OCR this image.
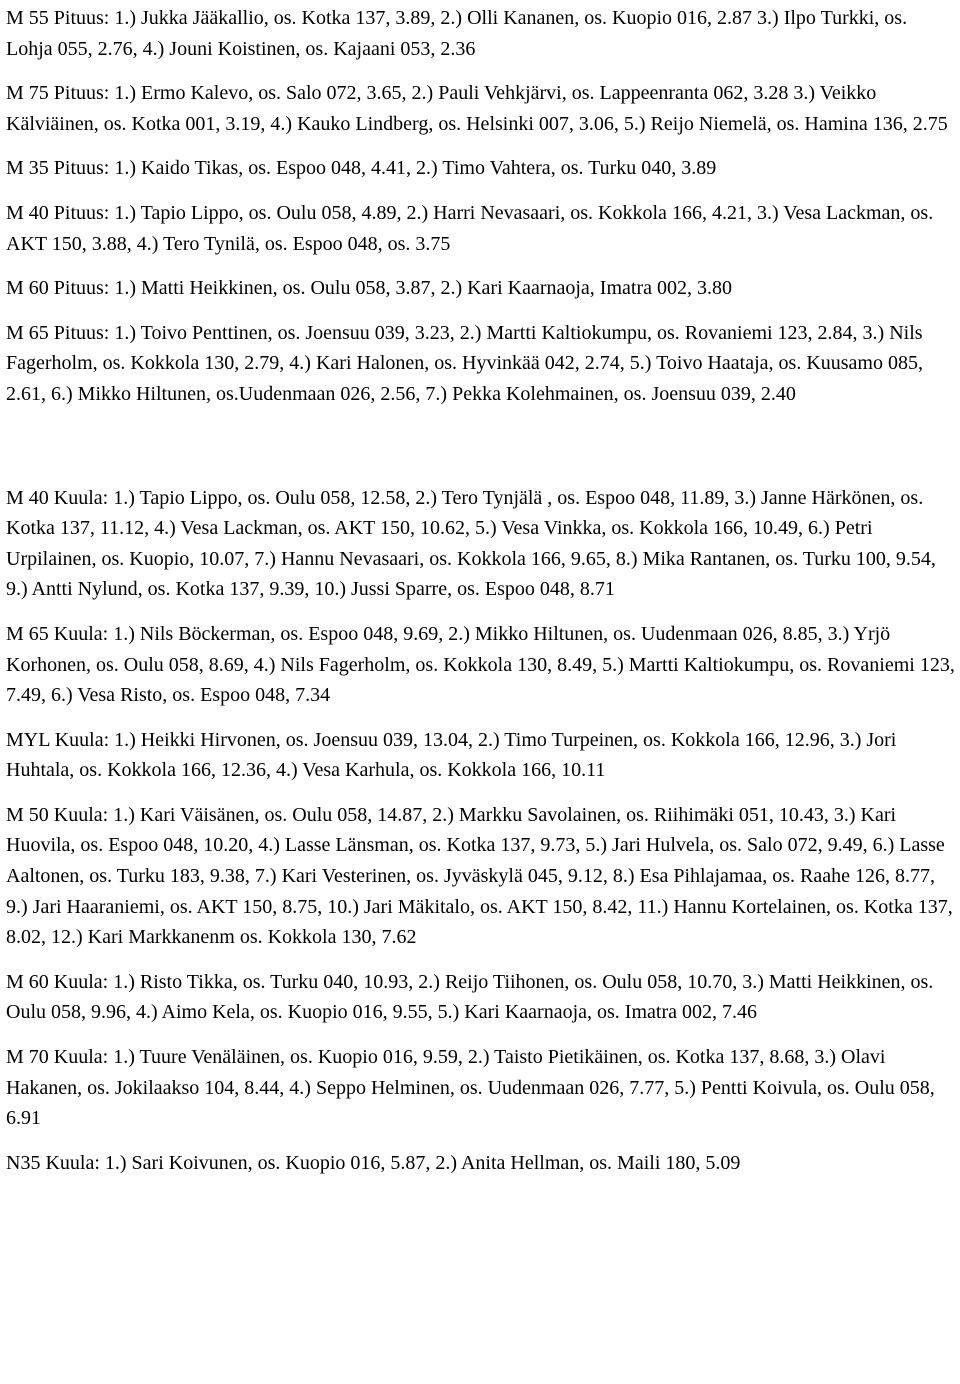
M 55 Pituus: 1.) Jukka Jääkallio, os. Kotka 137, 3.89, 2.) Olli Kananen, os. Kuopio 016, 2.87 3.) Ilpo Turkki, os. Lohja 055, 2.76, 4.) Jouni Koistinen, os. Kajaani 053, 2.36

M 75 Pituus: 1.) Ermo Kalevo, os. Salo 072, 3.65, 2.) Pauli Vehkjärvi, os. Lappeenranta 062, 3.28 3.) Veikko Kälviäinen, os. Kotka 001, 3.19, 4.) Kauko Lindberg, os. Helsinki 007, 3.06, 5.) Reijo Niemelä, os. Hamina 136, 2.75

M 35 Pituus: 1.) Kaido Tikas, os. Espoo 048, 4.41, 2.) Timo Vahtera, os. Turku 040, 3.89

M 40 Pituus: 1.) Tapio Lippo, os. Oulu 058, 4.89, 2.) Harri Nevasaari, os. Kokkola 166, 4.21, 3.) Vesa Lackman, os. AKT 150, 3.88, 4.) Tero Tynilä, os. Espoo 048, os. 3.75

M 60 Pituus: 1.) Matti Heikkinen, os. Oulu 058, 3.87, 2.) Kari Kaarnaoja, Imatra 002, 3.80

M 65 Pituus: 1.) Toivo Penttinen, os. Joensuu 039, 3.23, 2.) Martti Kaltiokumpu, os. Rovaniemi 123, 2.84, 3.) Nils Fagerholm, os. Kokkola 130, 2.79, 4.) Kari Halonen, os. Hyvinkää 042, 2.74, 5.) Toivo Haataja, os. Kuusamo 085, 2.61, 6.) Mikko Hiltunen, os.Uudenmaan 026, 2.56, 7.) Pekka Kolehmainen, os. Joensuu 039, 2.40

M 40 Kuula: 1.) Tapio Lippo, os. Oulu 058, 12.58, 2.) Tero Tynjälä , os. Espoo 048, 11.89, 3.) Janne Härkönen, os. Kotka 137, 11.12, 4.) Vesa Lackman, os. AKT 150, 10.62, 5.) Vesa Vinkka, os. Kokkola 166, 10.49, 6.) Petri Urpilainen, os. Kuopio, 10.07, 7.) Hannu Nevasaari, os. Kokkola 166, 9.65, 8.) Mika Rantanen, os. Turku 100, 9.54, 9.) Antti Nylund, os. Kotka 137, 9.39, 10.) Jussi Sparre, os. Espoo 048, 8.71

M 65 Kuula: 1.) Nils Böckerman, os. Espoo 048, 9.69, 2.) Mikko Hiltunen, os. Uudenmaan 026, 8.85, 3.) Yrjö Korhonen, os. Oulu 058, 8.69, 4.) Nils Fagerholm, os. Kokkola 130, 8.49, 5.) Martti Kaltiokumpu, os. Rovaniemi 123, 7.49, 6.) Vesa Risto, os. Espoo 048, 7.34

MYL Kuula: 1.) Heikki Hirvonen, os. Joensuu 039, 13.04, 2.) Timo Turpeinen, os. Kokkola 166, 12.96, 3.) Jori Huhtala, os. Kokkola 166, 12.36, 4.) Vesa Karhula, os. Kokkola 166, 10.11

M 50 Kuula: 1.) Kari Väisänen, os. Oulu 058, 14.87, 2.) Markku Savolainen, os. Riihimäki 051, 10.43, 3.) Kari Huovila, os. Espoo 048, 10.20, 4.) Lasse Länsman, os. Kotka 137, 9.73, 5.) Jari Hulvela, os. Salo 072, 9.49, 6.) Lasse Aaltonen, os. Turku 183, 9.38, 7.) Kari Vesterinen, os. Jyväskylä 045, 9.12, 8.) Esa Pihlajamaa, os. Raahe 126, 8.77, 9.) Jari Haaraniemi, os. AKT 150, 8.75, 10.) Jari Mäkitalo, os. AKT 150, 8.42, 11.) Hannu Kortelainen, os. Kotka 137, 8.02, 12.) Kari Markkanenm os. Kokkola 130, 7.62

M 60 Kuula: 1.) Risto Tikka, os. Turku 040, 10.93, 2.) Reijo Tiihonen, os. Oulu 058, 10.70, 3.) Matti Heikkinen, os. Oulu 058, 9.96, 4.) Aimo Kela, os. Kuopio 016, 9.55, 5.) Kari Kaarnaoja, os. Imatra 002, 7.46

M 70 Kuula: 1.) Tuure Venäläinen, os. Kuopio 016, 9.59, 2.) Taisto Pietikäinen, os. Kotka 137, 8.68, 3.) Olavi Hakanen, os. Jokilaakso 104, 8.44, 4.) Seppo Helminen, os. Uudenmaan 026, 7.77, 5.) Pentti Koivula, os. Oulu 058, 6.91

N35 Kuula: 1.) Sari Koivunen, os. Kuopio 016, 5.87, 2.) Anita Hellman, os. Maili 180, 5.09
